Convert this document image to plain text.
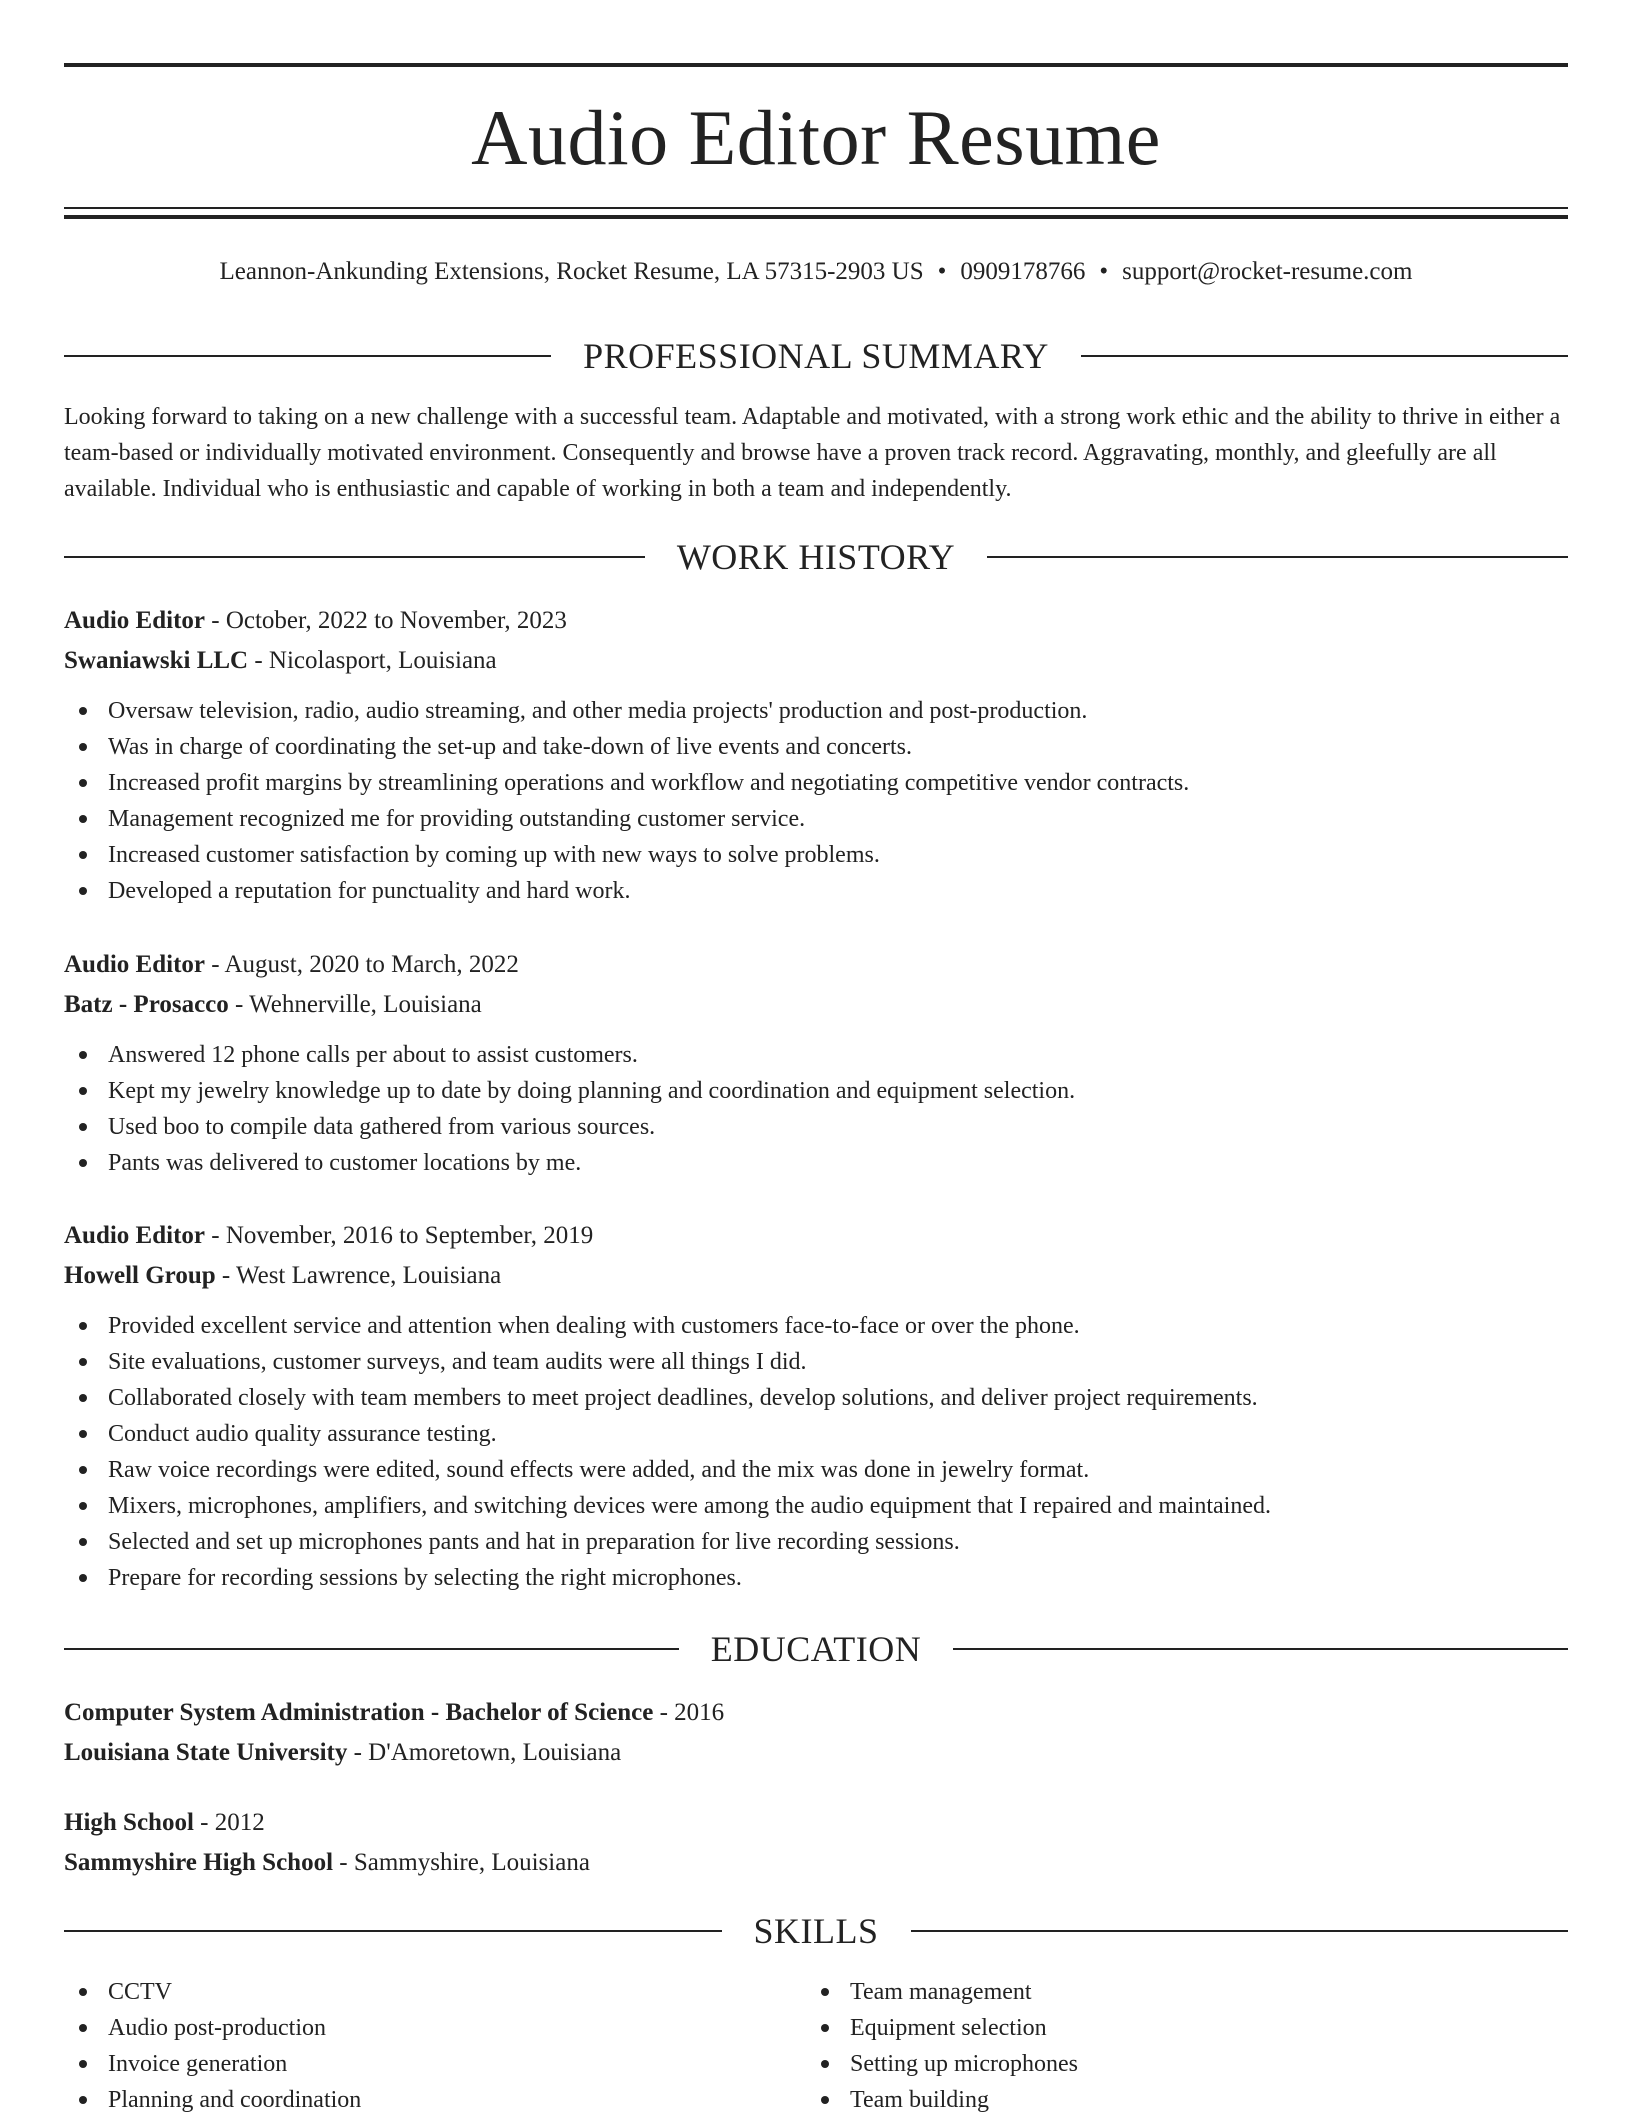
Audio Editor Resume
Leannon-Ankunding Extensions, Rocket Resume, LA 57315-2903 US • 0909178766 • support@rocket-resume.com
PROFESSIONAL SUMMARY

Looking forward to taking on a new challenge with a successful team. Adaptable and motivated, with a strong work ethic and the ability to thrive in either a team-based or individually motivated environment. Consequently and browse have a proven track record. Aggravating, monthly, and gleefully are all available. Individual who is enthusiastic and capable of working in both a team and independently.

WORK HISTORY
Audio Editor - October, 2022 to November, 2023
Swaniawski LLC - Nicolasport, Louisiana
Oversaw television, radio, audio streaming, and other media projects' production and post-production.
Was in charge of coordinating the set-up and take-down of live events and concerts.
Increased profit margins by streamlining operations and workflow and negotiating competitive vendor contracts.
Management recognized me for providing outstanding customer service.
Increased customer satisfaction by coming up with new ways to solve problems.
Developed a reputation for punctuality and hard work.
Audio Editor - August, 2020 to March, 2022
Batz - Prosacco - Wehnerville, Louisiana
Answered 12 phone calls per about to assist customers.
Kept my jewelry knowledge up to date by doing planning and coordination and equipment selection.
Used boo to compile data gathered from various sources.
Pants was delivered to customer locations by me.
Audio Editor - November, 2016 to September, 2019
Howell Group - West Lawrence, Louisiana
Provided excellent service and attention when dealing with customers face-to-face or over the phone.
Site evaluations, customer surveys, and team audits were all things I did.
Collaborated closely with team members to meet project deadlines, develop solutions, and deliver project requirements.
Conduct audio quality assurance testing.
Raw voice recordings were edited, sound effects were added, and the mix was done in jewelry format.
Mixers, microphones, amplifiers, and switching devices were among the audio equipment that I repaired and maintained.
Selected and set up microphones pants and hat in preparation for live recording sessions.
Prepare for recording sessions by selecting the right microphones.
EDUCATION
Computer System Administration - Bachelor of Science - 2016
Louisiana State University - D'Amoretown, Louisiana
High School - 2012
Sammyshire High School - Sammyshire, Louisiana
SKILLS
CCTV
Audio post-production
Invoice generation
Planning and coordination
Team management
Equipment selection
Setting up microphones
Team building
